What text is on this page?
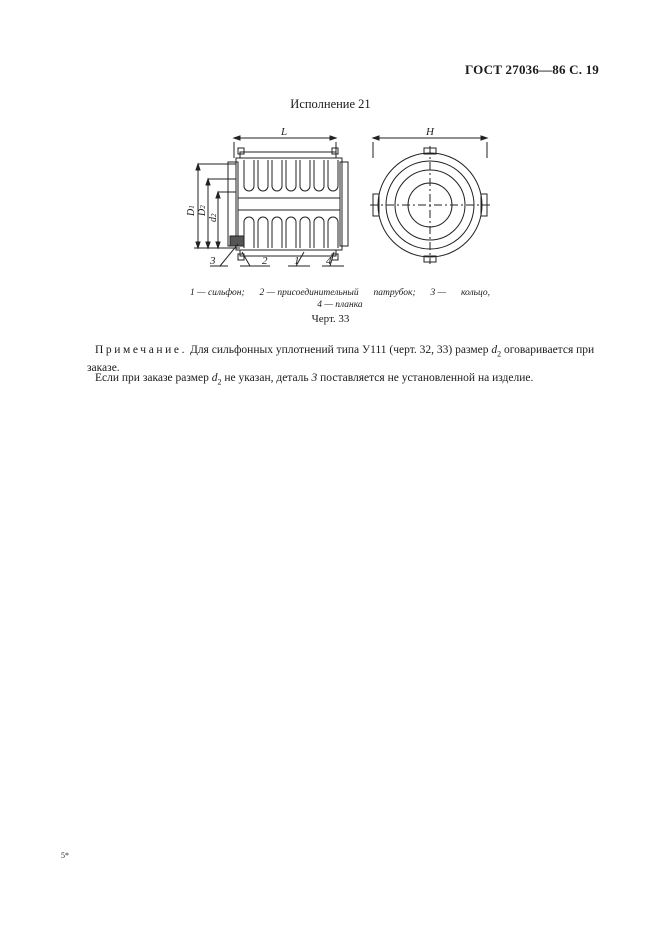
ГОСТ 27036—86 С. 19
Исполнение 21
L	H
D1
D2
d2
3	2 1 4
1 — сильфон; 2 — присоединительный патрубок; 3 — кольцо,
4 — планка
Черт. 33
Примечание. Для сильфонных уплотнений типа У111 (черт. 32, 33) размер $d_2$ оговаривается при заказе.
Если при заказе размер $d_2$ не указан, деталь 3 поставляется не установленной на изделие.
5*
